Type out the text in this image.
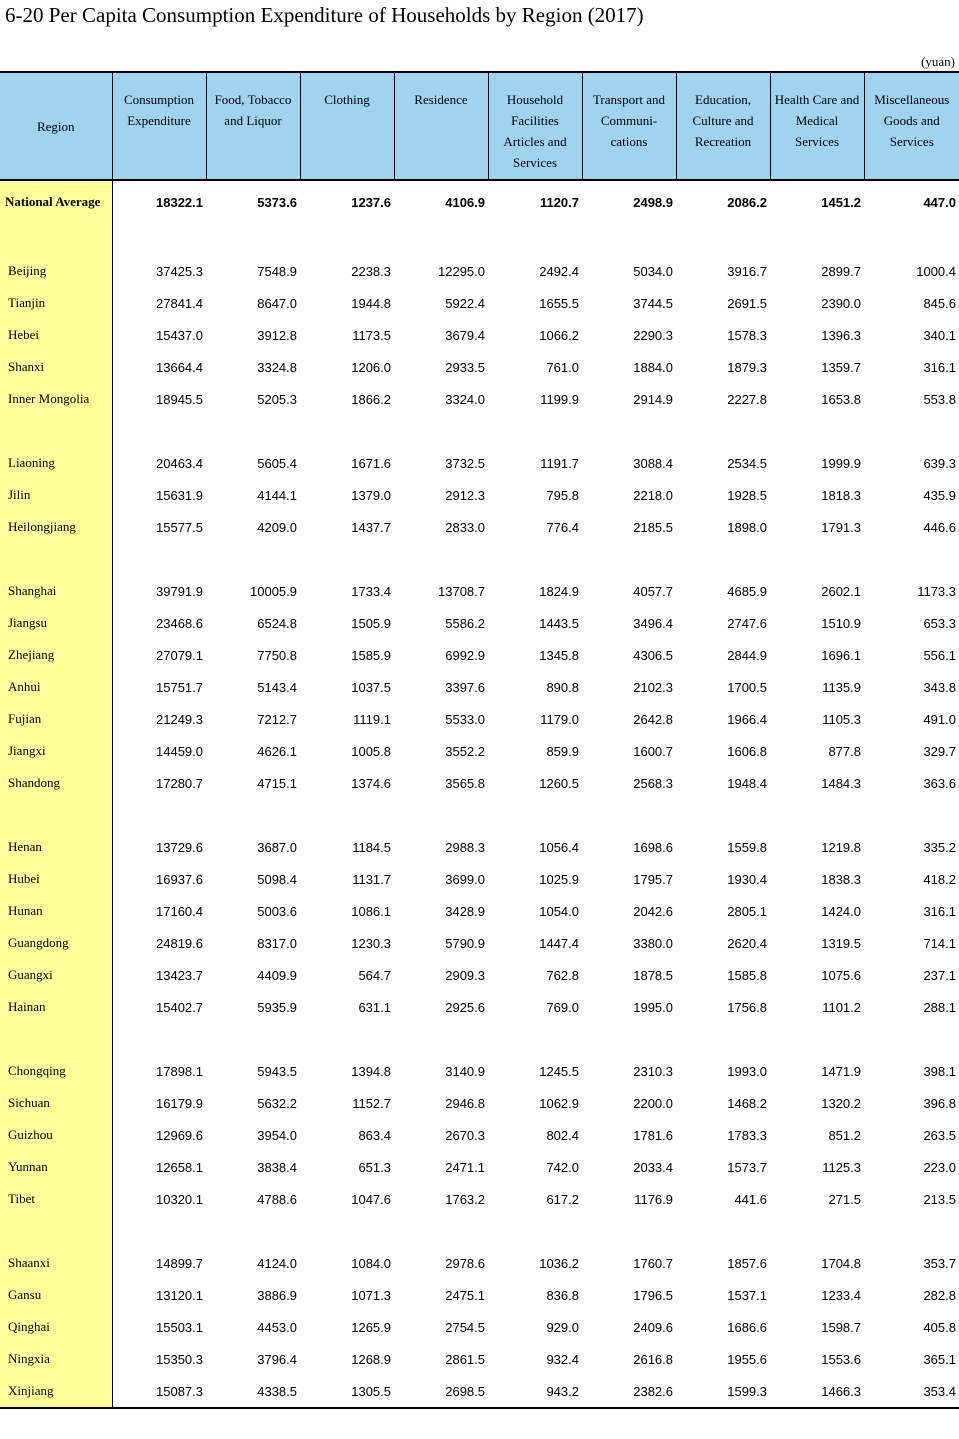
6-20 Per Capita Consumption Expenditure of Households by Region (2017)
(yuan)
Region	Consumption Expenditure	Food, Tobacco and Liquor	Clothing	Residence	Household Facilities Articles and Services	Transport and Communi- cations	Education, Culture and Recreation	Health Care and Medical Services	Miscellaneous Goods and Services
National Average	18322.1	5373.6	1237.6	4106.9	1120.7	2498.9	2086.2	1451.2	447.0

Beijing	37425.3	7548.9	2238.3	12295.0	2492.4	5034.0	3916.7	2899.7	1000.4
Tianjin	27841.4	8647.0	1944.8	5922.4	1655.5	3744.5	2691.5	2390.0	845.6
Hebei	15437.0	3912.8	1173.5	3679.4	1066.2	2290.3	1578.3	1396.3	340.1
Shanxi	13664.4	3324.8	1206.0	2933.5	761.0	1884.0	1879.3	1359.7	316.1
Inner Mongolia	18945.5	5205.3	1866.2	3324.0	1199.9	2914.9	2227.8	1653.8	553.8

Liaoning	20463.4	5605.4	1671.6	3732.5	1191.7	3088.4	2534.5	1999.9	639.3
Jilin	15631.9	4144.1	1379.0	2912.3	795.8	2218.0	1928.5	1818.3	435.9
Heilongjiang	15577.5	4209.0	1437.7	2833.0	776.4	2185.5	1898.0	1791.3	446.6

Shanghai	39791.9	10005.9	1733.4	13708.7	1824.9	4057.7	4685.9	2602.1	1173.3
Jiangsu	23468.6	6524.8	1505.9	5586.2	1443.5	3496.4	2747.6	1510.9	653.3
Zhejiang	27079.1	7750.8	1585.9	6992.9	1345.8	4306.5	2844.9	1696.1	556.1
Anhui	15751.7	5143.4	1037.5	3397.6	890.8	2102.3	1700.5	1135.9	343.8
Fujian	21249.3	7212.7	1119.1	5533.0	1179.0	2642.8	1966.4	1105.3	491.0
Jiangxi	14459.0	4626.1	1005.8	3552.2	859.9	1600.7	1606.8	877.8	329.7
Shandong	17280.7	4715.1	1374.6	3565.8	1260.5	2568.3	1948.4	1484.3	363.6

Henan	13729.6	3687.0	1184.5	2988.3	1056.4	1698.6	1559.8	1219.8	335.2
Hubei	16937.6	5098.4	1131.7	3699.0	1025.9	1795.7	1930.4	1838.3	418.2
Hunan	17160.4	5003.6	1086.1	3428.9	1054.0	2042.6	2805.1	1424.0	316.1
Guangdong	24819.6	8317.0	1230.3	5790.9	1447.4	3380.0	2620.4	1319.5	714.1
Guangxi	13423.7	4409.9	564.7	2909.3	762.8	1878.5	1585.8	1075.6	237.1
Hainan	15402.7	5935.9	631.1	2925.6	769.0	1995.0	1756.8	1101.2	288.1

Chongqing	17898.1	5943.5	1394.8	3140.9	1245.5	2310.3	1993.0	1471.9	398.1
Sichuan	16179.9	5632.2	1152.7	2946.8	1062.9	2200.0	1468.2	1320.2	396.8
Guizhou	12969.6	3954.0	863.4	2670.3	802.4	1781.6	1783.3	851.2	263.5
Yunnan	12658.1	3838.4	651.3	2471.1	742.0	2033.4	1573.7	1125.3	223.0
Tibet	10320.1	4788.6	1047.6	1763.2	617.2	1176.9	441.6	271.5	213.5

Shaanxi	14899.7	4124.0	1084.0	2978.6	1036.2	1760.7	1857.6	1704.8	353.7
Gansu	13120.1	3886.9	1071.3	2475.1	836.8	1796.5	1537.1	1233.4	282.8
Qinghai	15503.1	4453.0	1265.9	2754.5	929.0	2409.6	1686.6	1598.7	405.8
Ningxia	15350.3	3796.4	1268.9	2861.5	932.4	2616.8	1955.6	1553.6	365.1
Xinjiang	15087.3	4338.5	1305.5	2698.5	943.2	2382.6	1599.3	1466.3	353.4
